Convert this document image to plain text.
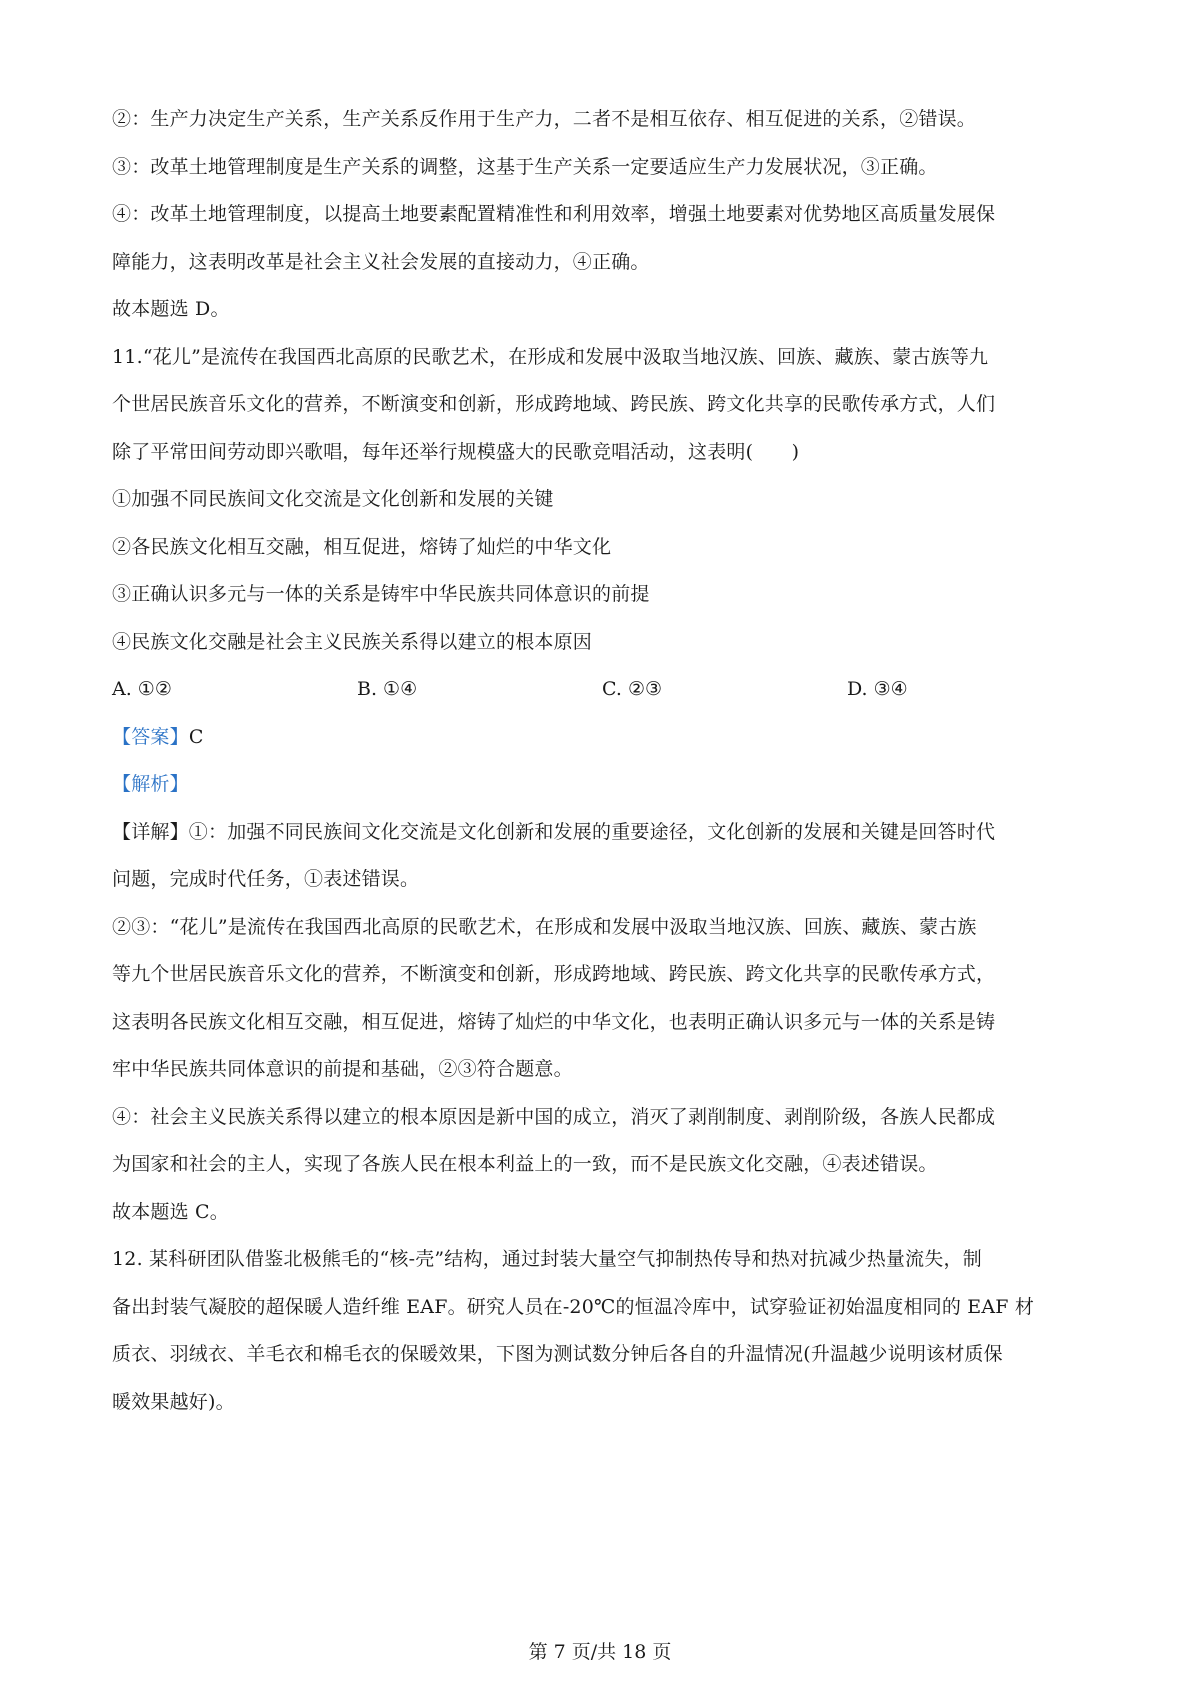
②：生产力决定生产关系，生产关系反作用于生产力，二者不是相互依存、相互促进的关系，②错误。
③：改革土地管理制度是生产关系的调整，这基于生产关系一定要适应生产力发展状况，③正确。
④：改革土地管理制度，以提高土地要素配置精准性和利用效率，增强土地要素对优势地区高质量发展保
障能力，这表明改革是社会主义社会发展的直接动力，④正确。
故本题选 D。
11.“花儿”是流传在我国西北高原的民歌艺术，在形成和发展中汲取当地汉族、回族、藏族、蒙古族等九
个世居民族音乐文化的营养，不断演变和创新，形成跨地域、跨民族、跨文化共享的民歌传承方式，人们
除了平常田间劳动即兴歌唱，每年还举行规模盛大的民歌竞唱活动，这表明(　　)
①加强不同民族间文化交流是文化创新和发展的关键
②各民族文化相互交融，相互促进，熔铸了灿烂的中华文化
③正确认识多元与一体的关系是铸牢中华民族共同体意识的前提
④民族文化交融是社会主义民族关系得以建立的根本原因
A. ①②	B. ①④	C. ②③	D. ③④
【答案】C
【解析】
【详解】①：加强不同民族间文化交流是文化创新和发展的重要途径，文化创新的发展和关键是回答时代
问题，完成时代任务，①表述错误。
②③：“花儿”是流传在我国西北高原的民歌艺术，在形成和发展中汲取当地汉族、回族、藏族、蒙古族
等九个世居民族音乐文化的营养，不断演变和创新，形成跨地域、跨民族、跨文化共享的民歌传承方式，
这表明各民族文化相互交融，相互促进，熔铸了灿烂的中华文化，也表明正确认识多元与一体的关系是铸
牢中华民族共同体意识的前提和基础，②③符合题意。
④：社会主义民族关系得以建立的根本原因是新中国的成立，消灭了剥削制度、剥削阶级，各族人民都成
为国家和社会的主人，实现了各族人民在根本利益上的一致，而不是民族文化交融，④表述错误。
故本题选 C。
12. 某科研团队借鉴北极熊毛的“核-壳”结构，通过封装大量空气抑制热传导和热对抗减少热量流失，制
备出封装气凝胶的超保暖人造纤维 EAF。研究人员在-20℃的恒温冷库中，试穿验证初始温度相同的 EAF 材
质衣、羽绒衣、羊毛衣和棉毛衣的保暖效果，下图为测试数分钟后各自的升温情况(升温越少说明该材质保
暖效果越好)。
第 7 页/共 18 页
